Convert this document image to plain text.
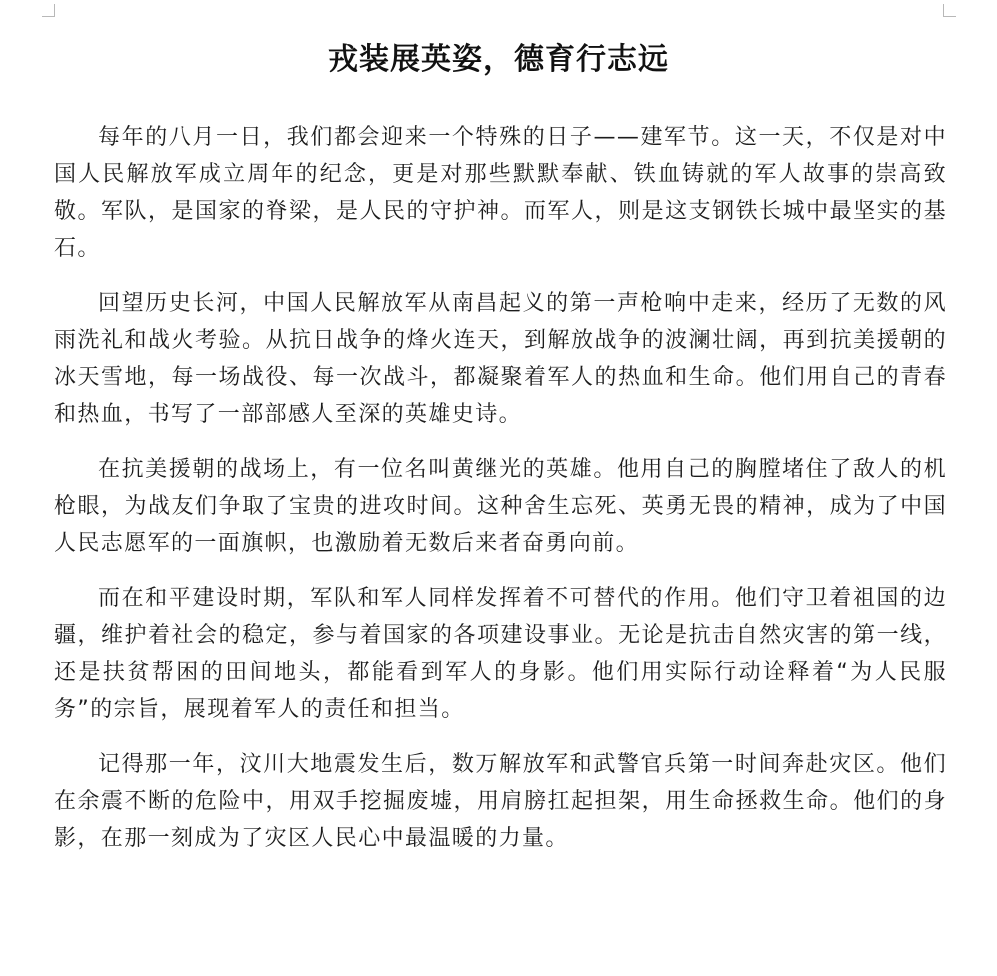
戎装展英姿，德育行志远

每年的八月一日，我们都会迎来一个特殊的日子——建军节。这一天，不仅是对中国人民解放军成立周年的纪念，更是对那些默默奉献、铁血铸就的军人故事的崇高致敬。军队，是国家的脊梁，是人民的守护神。而军人，则是这支钢铁长城中最坚实的基石。

回望历史长河，中国人民解放军从南昌起义的第一声枪响中走来，经历了无数的风雨洗礼和战火考验。从抗日战争的烽火连天，到解放战争的波澜壮阔，再到抗美援朝的冰天雪地，每一场战役、每一次战斗，都凝聚着军人的热血和生命。他们用自己的青春和热血，书写了一部部感人至深的英雄史诗。

在抗美援朝的战场上，有一位名叫黄继光的英雄。他用自己的胸膛堵住了敌人的机枪眼，为战友们争取了宝贵的进攻时间。这种舍生忘死、英勇无畏的精神，成为了中国人民志愿军的一面旗帜，也激励着无数后来者奋勇向前。

而在和平建设时期，军队和军人同样发挥着不可替代的作用。他们守卫着祖国的边疆，维护着社会的稳定，参与着国家的各项建设事业。无论是抗击自然灾害的第一线，还是扶贫帮困的田间地头，都能看到军人的身影。他们用实际行动诠释着“为人民服务”的宗旨，展现着军人的责任和担当。

记得那一年，汶川大地震发生后，数万解放军和武警官兵第一时间奔赴灾区。他们在余震不断的危险中，用双手挖掘废墟，用肩膀扛起担架，用生命拯救生命。他们的身影，在那一刻成为了灾区人民心中最温暖的力量。
